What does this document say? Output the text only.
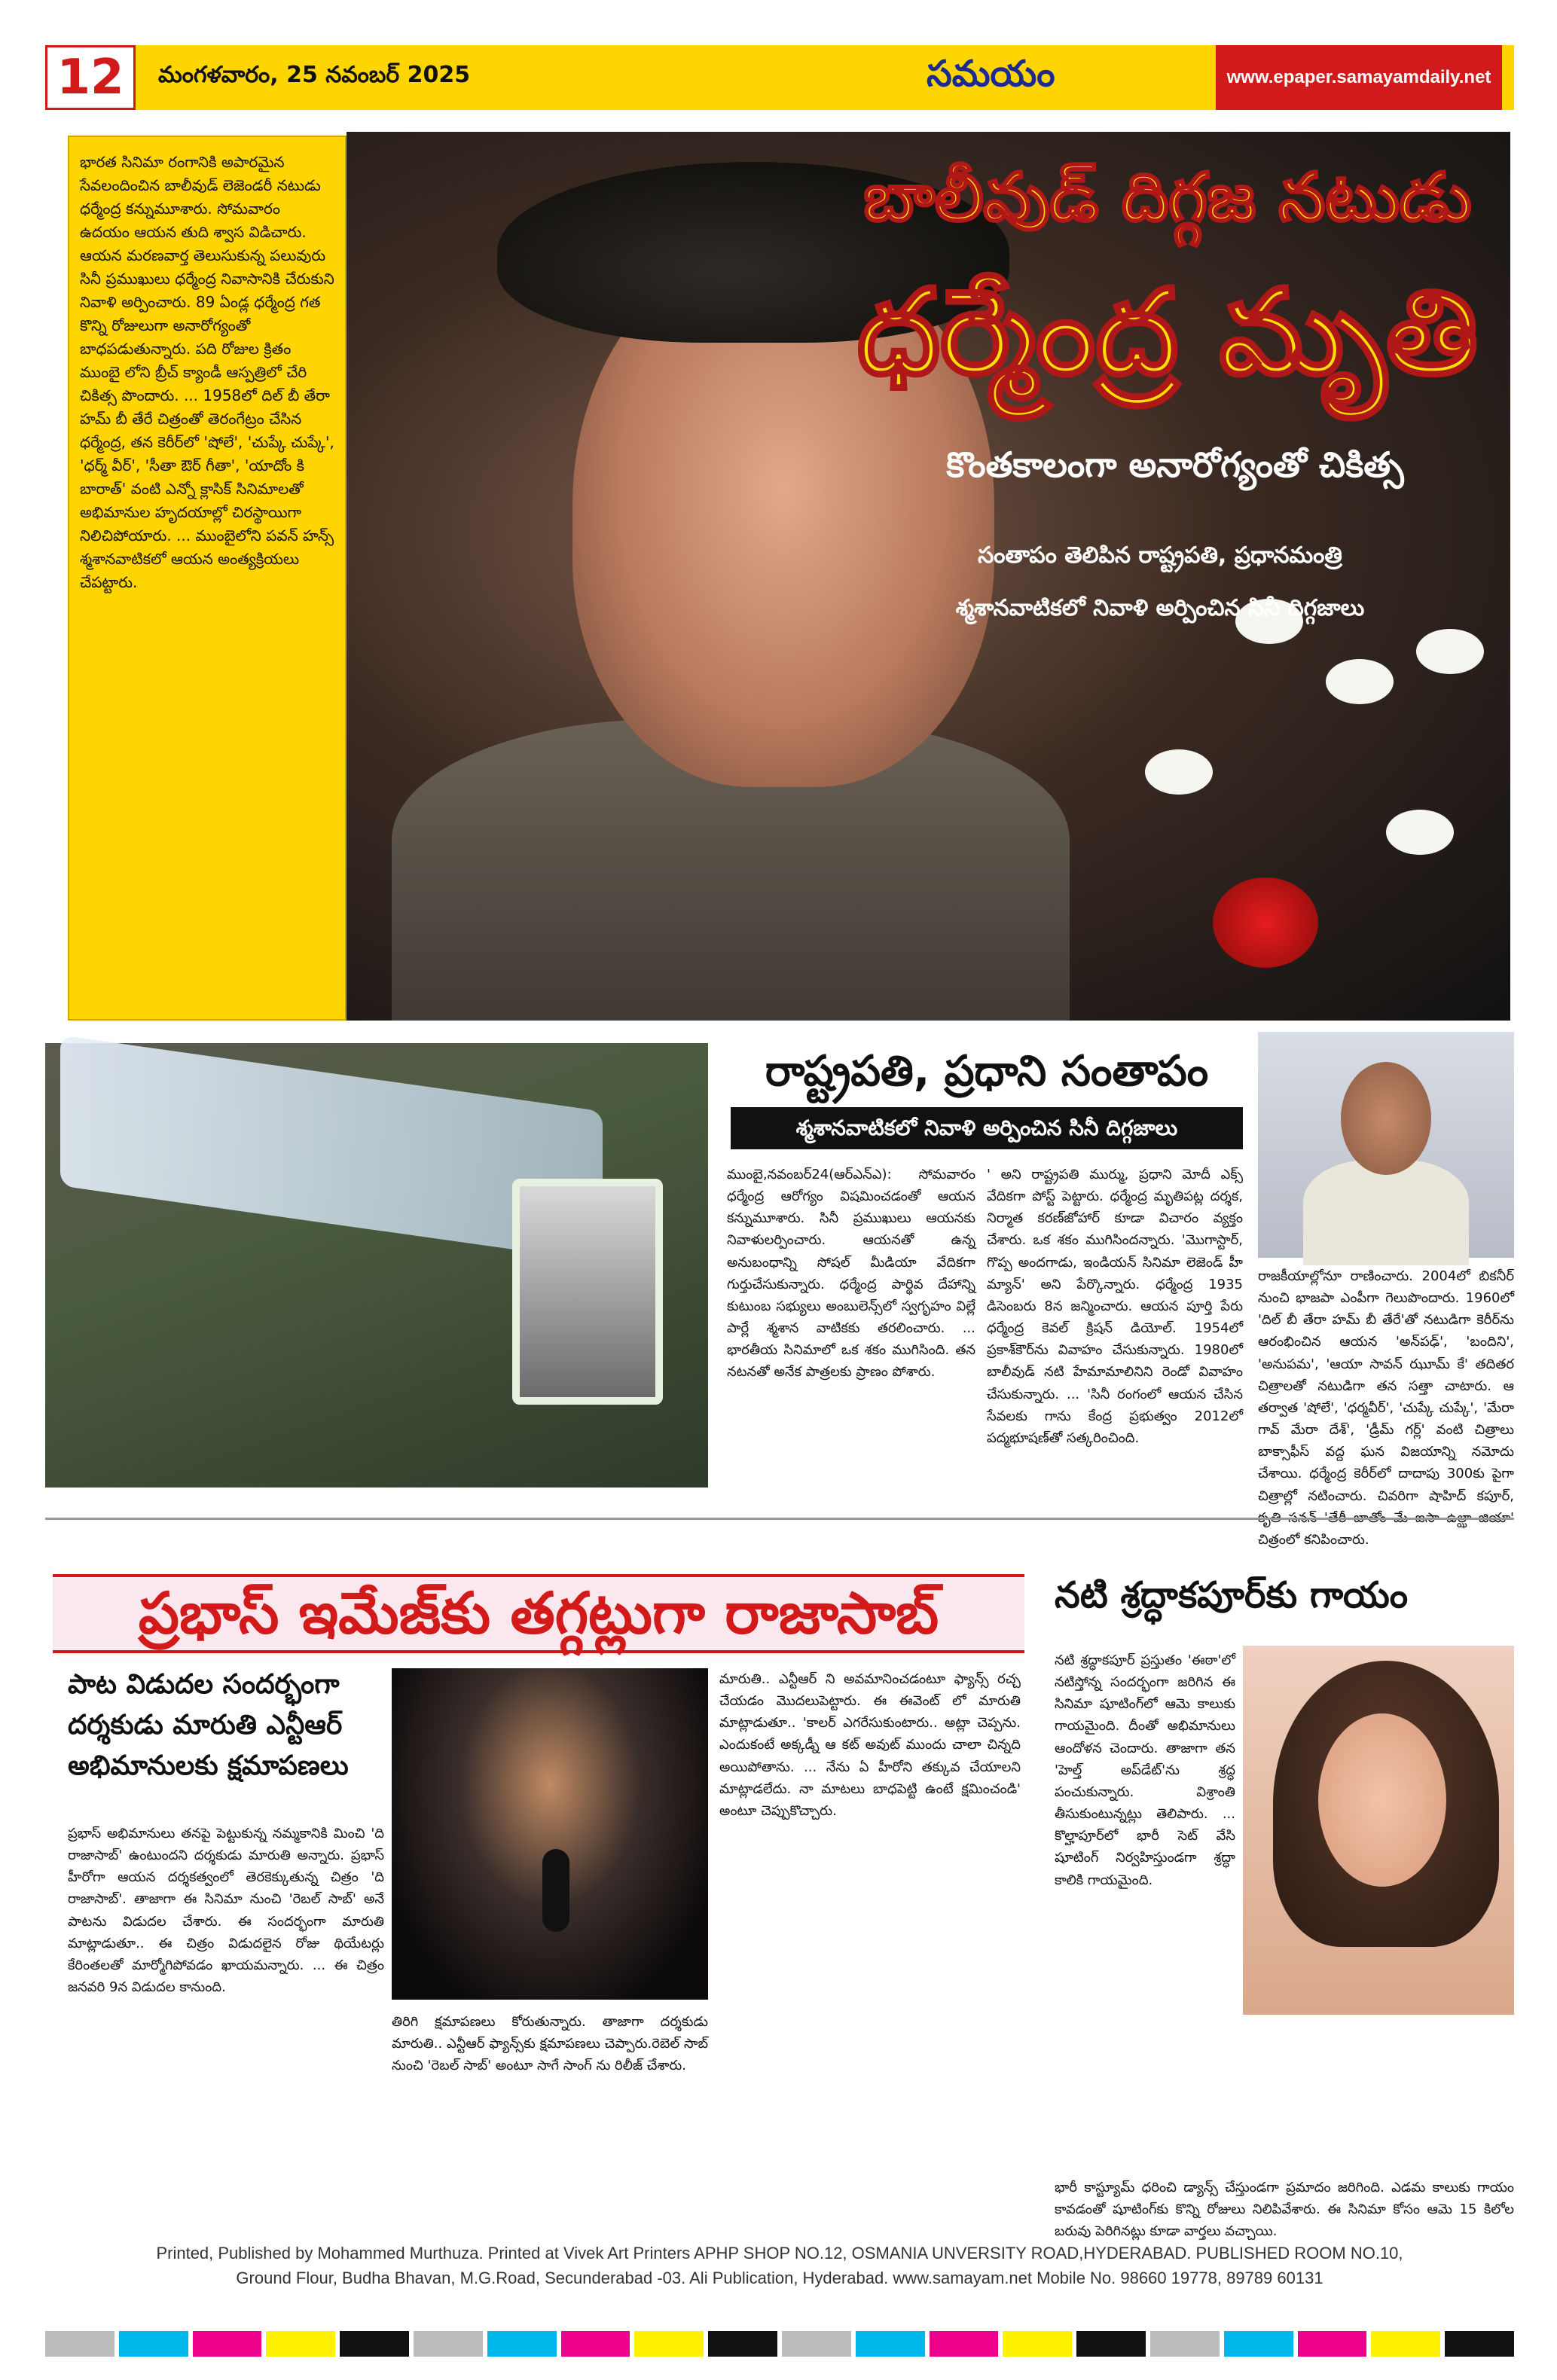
12	మంగళవారం, 25 నవంబర్ 2025	సమయం	www.epaper.samayamdaily.net
బాలీవుడ్ దిగ్గజ నటుడు
ధర్మేంద్ర మృతి
కొంతకాలంగా అనారోగ్యంతో చికిత్స
సంతాపం తెలిపిన రాష్ట్రపతి, ప్రధానమంత్రి
శ్మశానవాటికలో నివాళి అర్పించిన సినీ దిగ్గజాలు
భారత సినిమా రంగానికి అపారమైన సేవలందించిన బాలీవుడ్ లెజెండరీ నటుడు ధర్మేంద్ర కన్నుమూశారు. సోమవారం ఉదయం ఆయన తుది శ్వాస విడిచారు. ఆయన మరణవార్త తెలుసుకున్న పలువురు సినీ ప్రముఖులు ధర్మేంద్ర నివాసానికి చేరుకుని నివాళి అర్పించారు. 89 ఏండ్ల ధర్మేంద్ర గత కొన్ని రోజులుగా అనారోగ్యంతో బాధపడుతున్నారు. పది రోజుల క్రితం ముంబై లోని బ్రీచ్ క్యాండీ ఆస్పత్రిలో చేరి చికిత్స పొందారు. ... 1958లో దిల్ బీ తేరా హమ్ బీ తేరే చిత్రంతో తెరంగేట్రం చేసిన ధర్మేంద్ర, తన కెరీర్‌లో 'షోలే', 'చుప్కే చుప్కే', 'ధర్మ్ వీర్', 'సీతా ఔర్ గీతా', 'యాదోం కి బారాత్' వంటి ఎన్నో క్లాసిక్ సినిమాలతో అభిమానుల హృదయాల్లో చిరస్థాయిగా నిలిచిపోయారు. ... ముంబైలోని పవన్ హన్స్ శ్మశానవాటికలో ఆయన అంత్యక్రియలు చేపట్టారు.
రాష్ట్రపతి, ప్రధాని సంతాపం
శ్మశానవాటికలో నివాళి అర్పించిన సినీ దిగ్గజాలు
ముంబై,నవంబర్24(ఆర్ఎన్ఎ): సోమవారం ధర్మేంద్ర ఆరోగ్యం విషమించడంతో ఆయన కన్నుమూశారు. సినీ ప్రముఖులు ఆయనకు నివాళులర్పించారు. ఆయనతో ఉన్న అనుబంధాన్ని సోషల్ మీడియా వేదికగా గుర్తుచేసుకున్నారు. ధర్మేంద్ర పార్థివ దేహాన్ని కుటుంబ సభ్యులు అంబులెన్స్‌లో స్వగృహం విల్లే పార్లే శ్మశాన వాటికకు తరలించారు. ... భారతీయ సినిమాలో ఒక శకం ముగిసింది. తన నటనతో అనేక పాత్రలకు ప్రాణం పోశారు.
' అని రాష్ట్రపతి ముర్ము, ప్రధాని మోదీ ఎక్స్ వేదికగా పోస్ట్ పెట్టారు. ధర్మేంద్ర మృతిపట్ల దర్శక, నిర్మాత కరణ్‌జోహార్ కూడా విచారం వ్యక్తం చేశారు. ఒక శకం ముగిసిందన్నారు. 'మొగాస్టార్, గొప్ప అందగాడు, ఇండియన్ సినిమా లెజెండ్ హీ మ్యాన్' అని పేర్కొన్నారు. ధర్మేంద్ర 1935 డిసెంబరు 8న జన్మించారు. ఆయన పూర్తి పేరు ధర్మేంద్ర కెవల్ క్రిషన్ డియోల్. 1954లో ప్రకాశ్‌కౌర్‌ను వివాహం చేసుకున్నారు. 1980లో బాలీవుడ్ నటి హేమామాలినిని రెండో వివాహం చేసుకున్నారు. ... 'సినీ రంగంలో ఆయన చేసిన సేవలకు గాను కేంద్ర ప్రభుత్వం 2012లో పద్మభూషణ్‌తో సత్కరించింది.
రాజకీయాల్లోనూ రాణించారు. 2004లో బికనీర్ నుంచి భాజపా ఎంపీగా గెలుపొందారు. 1960లో 'దిల్ బీ తేరా హమ్ బీ తేరే'తో నటుడిగా కెరీర్‌ను ఆరంభించిన ఆయన 'అన్‌పఢ్', 'బందిని', 'అనుపమ', 'ఆయా సావన్ ఝూమ్ కే' తదితర చిత్రాలతో నటుడిగా తన సత్తా చాటారు. ఆ తర్వాత 'షోలే', 'ధర్మవీర్', 'చుప్కే చుప్కే', 'మేరా గావ్ మేరా దేశ్', 'డ్రీమ్ గర్ల్' వంటి చిత్రాలు బాక్సాఫీస్ వద్ద ఘన విజయాన్ని నమోదు చేశాయి. ధర్మేంద్ర కెరీర్‌లో దాదాపు 300కు పైగా చిత్రాల్లో నటించారు. చివరిగా షాహిద్ కపూర్, చిత్రంలో కనిపించారు.
ప్రభాస్ ఇమేజ్‌కు తగ్గట్లుగా రాజాసాబ్
పాట విడుదల సందర్భంగా దర్శకుడు మారుతి ఎన్టీఆర్ అభిమానులకు క్షమాపణలు
ప్రభాస్ అభిమానులు తనపై పెట్టుకున్న నమ్మకానికి మించి 'ది రాజాసాబ్' ఉంటుందని దర్శకుడు మారుతి అన్నారు. ప్రభాస్ హీరోగా ఆయన దర్శకత్వంలో తెరకెక్కుతున్న చిత్రం 'ది రాజాసాబ్'. తాజాగా ఈ సినిమా నుంచి 'రెబల్ సాబ్' అనే పాటను విడుదల చేశారు. ఈ సందర్భంగా మారుతి మాట్లాడుతూ.. ఈ చిత్రం విడుదలైన రోజు థియేటర్లు కేరింతలతో మార్మోగిపోవడం ఖాయమన్నారు. ... ఈ చిత్రం జనవరి 9న విడుదల కానుంది.
తిరిగి క్షమాపణలు కోరుతున్నారు. తాజాగా దర్శకుడు మారుతి.. ఎన్టీఆర్ ఫ్యాన్స్‌కు క్షమాపణలు చెప్పారు.రెబెల్ సాబ్ నుంచి 'రెబల్ సాబ్' అంటూ సాగే సాంగ్ ను రిలీజ్ చేశారు.
మారుతి.. ఎన్టీఆర్ ని అవమానించడంటూ ఫ్యాన్స్ రచ్చ చేయడం మొదలుపెట్టారు. ఈ ఈవెంట్ లో మారుతి మాట్లాడుతూ.. 'కాలర్ ఎగరేసుకుంటారు.. అట్లా చెప్పను. ఎందుకంటే అక్కడ్నీ ఆ కట్ అవుట్ ముందు చాలా చిన్నది అయిపోతాను. ... నేను ఏ హీరోని తక్కువ చేయాలని మాట్లాడలేదు. నా మాటలు బాధపెట్టి ఉంటే క్షమించండి' అంటూ చెప్పుకొచ్చారు.
నటి శ్రద్ధాకపూర్‌కు గాయం
నటి శ్రద్ధాకపూర్ ప్రస్తుతం 'ఈఠా'లో నటిస్తోన్న సందర్భంగా జరిగిన ఈ సినిమా షూటింగ్‌లో ఆమె కాలుకు గాయమైంది. దీంతో అభిమానులు ఆందోళన చెందారు. తాజాగా తన 'హెల్త్ అప్‌డేట్‌'ను శ్రద్ధ పంచుకున్నారు. విశ్రాంతి తీసుకుంటున్నట్లు తెలిపారు. ... కొల్హాపూర్‌లో భారీ సెట్ వేసి షూటింగ్ నిర్వహిస్తుండగా శ్రద్ధా కాలికి గాయమైంది.
భారీ కాస్ట్యూమ్ ధరించి డ్యాన్స్ చేస్తుండగా ప్రమాదం జరిగింది. ఎడమ కాలుకు గాయం కావడంతో షూటింగ్‌కు కొన్ని రోజులు నిలిపివేశారు. ఈ సినిమా కోసం ఆమె 15 కిలోల బరువు పెరిగినట్లు కూడా వార్తలు వచ్చాయి.
Printed, Published by Mohammed Murthuza. Printed at Vivek Art Printers APHP SHOP NO.12, OSMANIA UNVERSITY ROAD,HYDERABAD. PUBLISHED ROOM NO.10,
Ground Flour, Budha Bhavan, M.G.Road, Secunderabad -03. Ali Publication, Hyderabad. www.samayam.net Mobile No. 98660 19778, 89789 60131
